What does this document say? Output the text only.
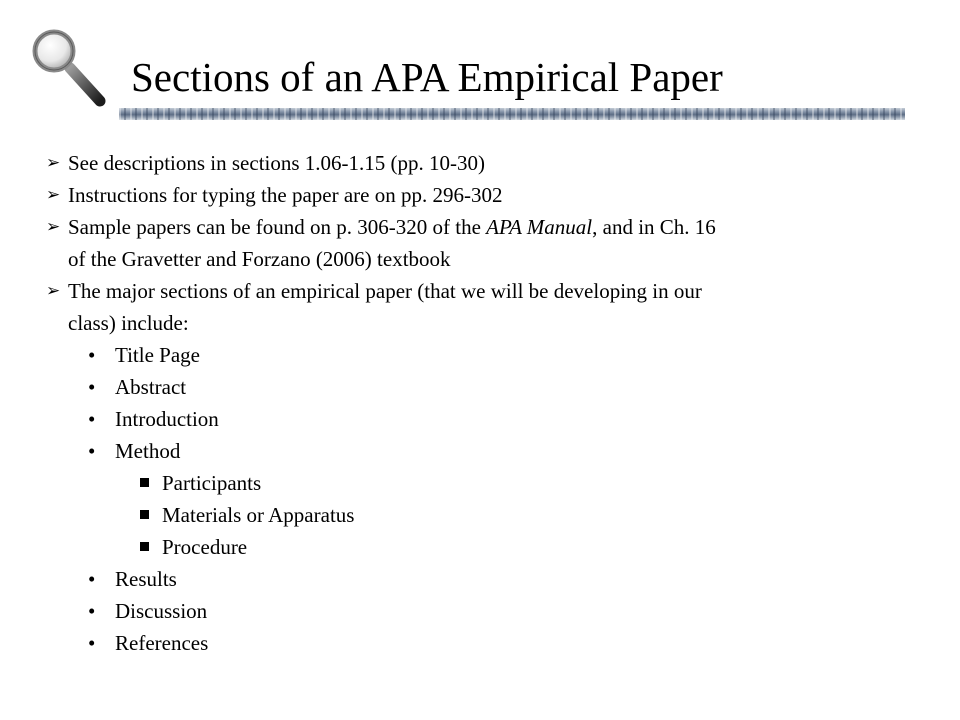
Sections of an APA Empirical Paper
➢ See descriptions in sections 1.06-1.15 (pp. 10-30)
➢ Instructions for typing the paper are on pp. 296-302
➢ Sample papers can be found on p. 306-320 of the APA Manual, and in Ch. 16
of the Gravetter and Forzano (2006) textbook
➢ The major sections of an empirical paper (that we will be developing in our
class) include:
• Title Page
• Abstract
• Introduction
• Method
Participants
Materials or Apparatus
Procedure
• Results
• Discussion
• References
